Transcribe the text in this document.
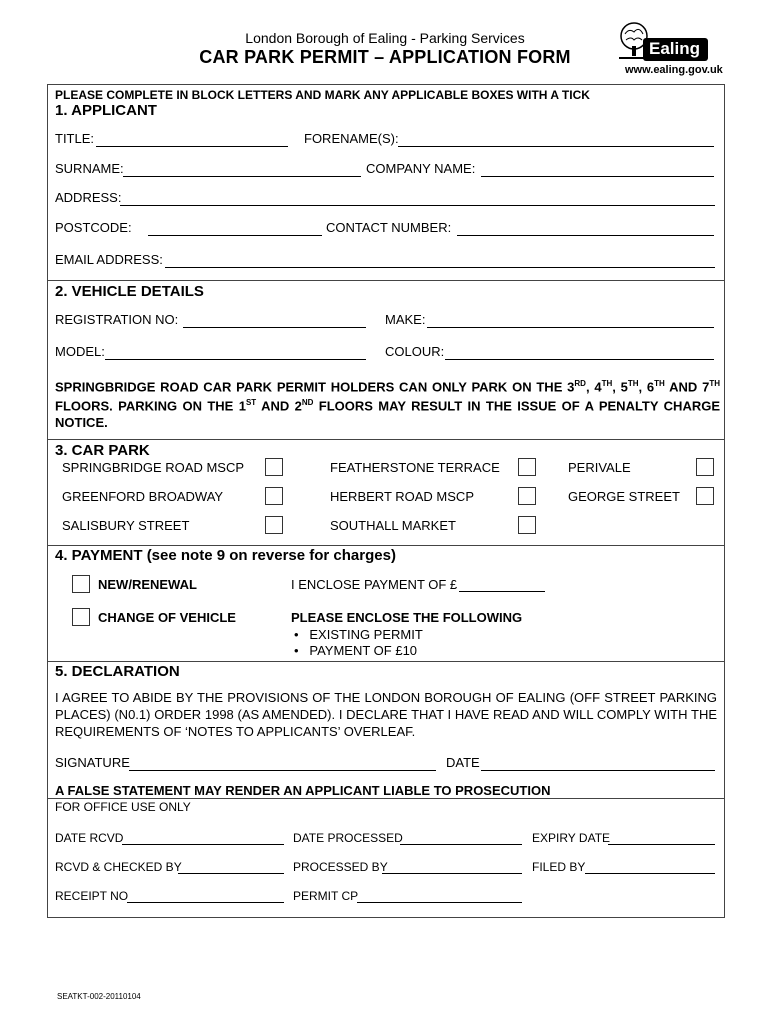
London Borough of Ealing - Parking Services
CAR PARK PERMIT – APPLICATION FORM	Ealing
www.ealing.gov.uk
PLEASE COMPLETE IN BLOCK LETTERS AND MARK ANY APPLICABLE BOXES WITH A TICK
1. APPLICANT
TITLE:	FORENAME(S):
SURNAME:	COMPANY NAME:
ADDRESS:
POSTCODE:	CONTACT NUMBER:
EMAIL ADDRESS:
2. VEHICLE DETAILS
REGISTRATION NO:	MAKE:
MODEL:	COLOUR:
SPRINGBRIDGE ROAD CAR PARK PERMIT HOLDERS CAN ONLY PARK ON THE 3RD, 4TH, 5TH, 6TH AND 7TH FLOORS. PARKING ON THE 1ST AND 2ND FLOORS MAY RESULT IN THE ISSUE OF A PENALTY CHARGE NOTICE.
3. CAR PARK
SPRINGBRIDGE ROAD MSCP	FEATHERSTONE TERRACE	PERIVALE
GREENFORD BROADWAY	HERBERT ROAD MSCP	GEORGE STREET
SALISBURY STREET	SOUTHALL MARKET
4. PAYMENT (see note 9 on reverse for charges)
NEW/RENEWAL	I ENCLOSE PAYMENT OF £
CHANGE OF VEHICLE	PLEASE ENCLOSE THE FOLLOWING
•   EXISTING PERMIT
•   PAYMENT OF £10
5. DECLARATION
I AGREE TO ABIDE BY THE PROVISIONS OF THE LONDON BOROUGH OF EALING (OFF STREET PARKING PLACES) (N0.1) ORDER 1998 (AS AMENDED). I DECLARE THAT I HAVE READ AND WILL COMPLY WITH THE REQUIREMENTS OF ‘NOTES TO APPLICANTS’ OVERLEAF.
SIGNATURE	DATE
A FALSE STATEMENT MAY RENDER AN APPLICANT LIABLE TO PROSECUTION
FOR OFFICE USE ONLY
DATE RCVD	DATE PROCESSED	EXPIRY DATE
RCVD & CHECKED BY	PROCESSED BY	FILED BY
RECEIPT NO	PERMIT CP
SEATKT-002-20110104
